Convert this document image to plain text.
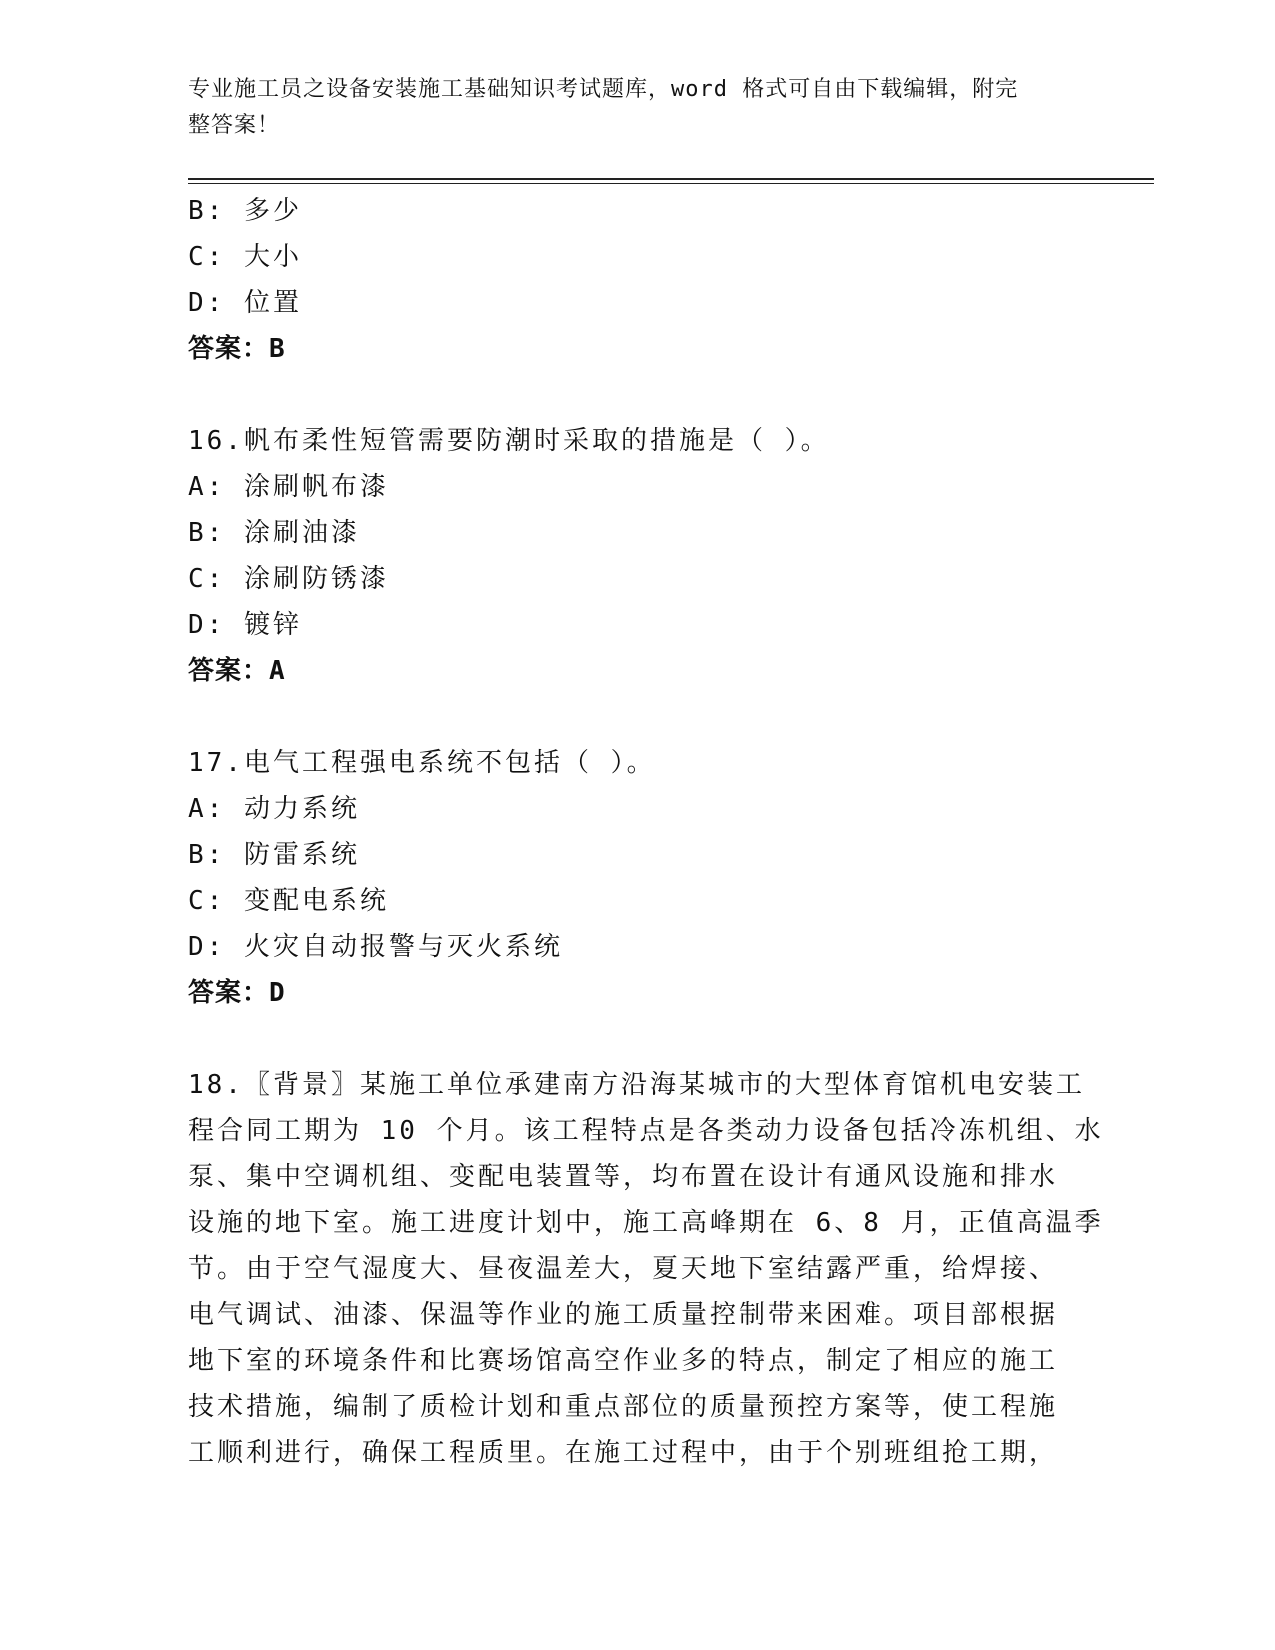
专业施工员之设备安装施工基础知识考试题库，word 格式可自由下载编辑，附完
整答案！
B: 多少
C: 大小
D: 位置
答案：B
16.帆布柔性短管需要防潮时采取的措施是（ ）。
A: 涂刷帆布漆
B: 涂刷油漆
C: 涂刷防锈漆
D: 镀锌
答案：A
17.电气工程强电系统不包括（ ）。
A: 动力系统
B: 防雷系统
C: 变配电系统
D: 火灾自动报警与灭火系统
答案：D
18.〖背景〗某施工单位承建南方沿海某城市的大型体育馆机电安装工
程合同工期为 10 个月。该工程特点是各类动力设备包括冷冻机组、水
泵、集中空调机组、变配电装置等，均布置在设计有通风设施和排水
设施的地下室。施工进度计划中，施工高峰期在 6、8 月，正值高温季
节。由于空气湿度大、昼夜温差大，夏天地下室结露严重，给焊接、
电气调试、油漆、保温等作业的施工质量控制带来困难。项目部根据
地下室的环境条件和比赛场馆高空作业多的特点，制定了相应的施工
技术措施，编制了质检计划和重点部位的质量预控方案等，使工程施
工顺利进行，确保工程质里。在施工过程中，由于个别班组抢工期，
